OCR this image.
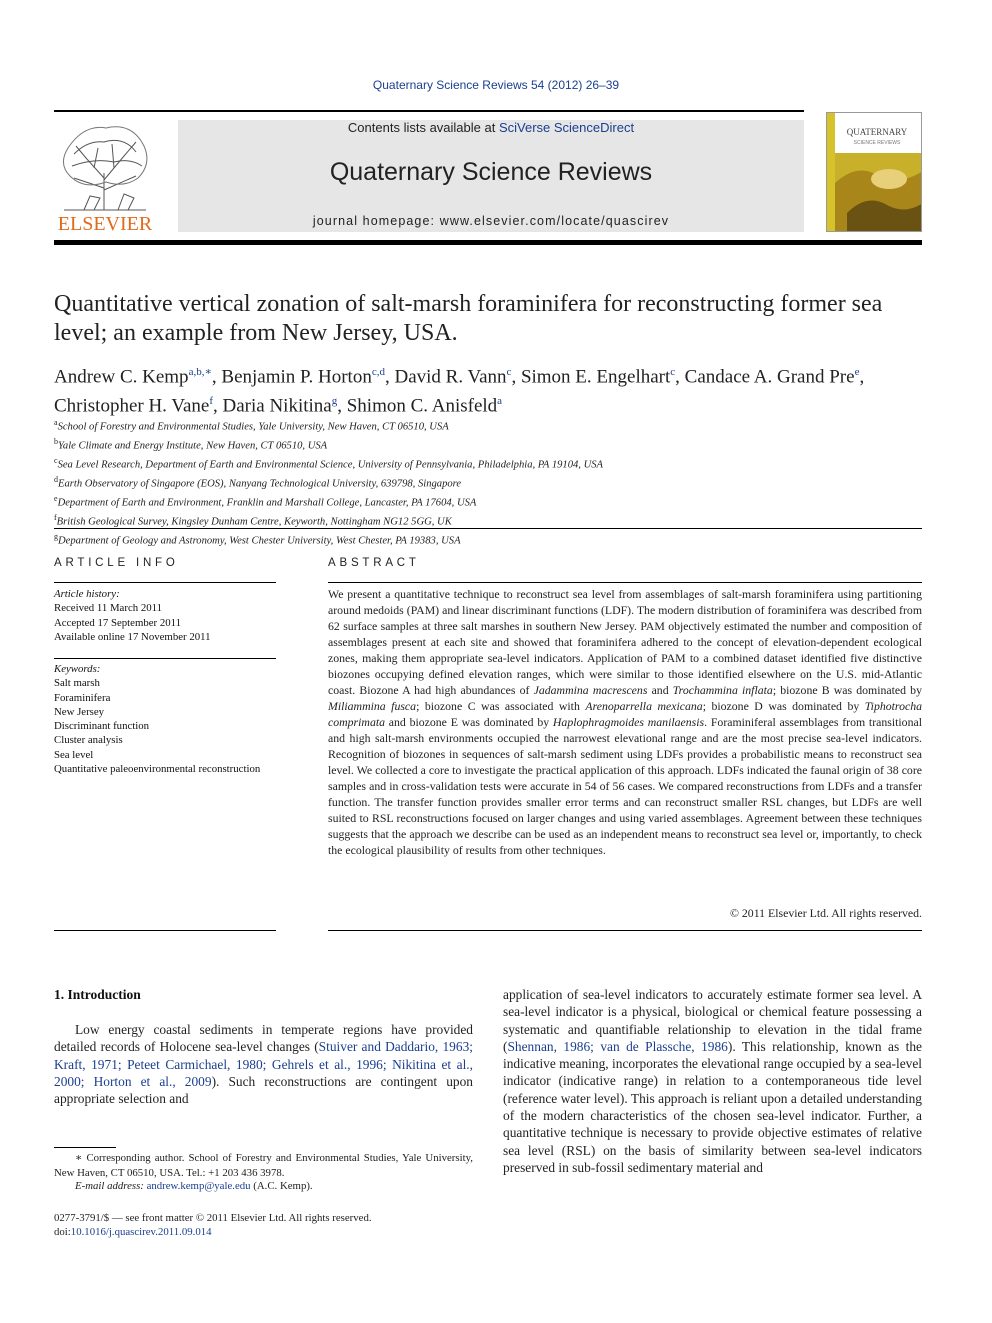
Quaternary Science Reviews 54 (2012) 26–39
ELSEVIER
Contents lists available at SciVerse ScienceDirect
Quaternary Science Reviews
journal homepage: www.elsevier.com/locate/quascirev
QUATERNARY
SCIENCE REVIEWS
Quantitative vertical zonation of salt-marsh foraminifera for reconstructing former sea level; an example from New Jersey, USA.
Andrew C. Kemp$^{a,b,∗}$, Benjamin P. Horton$^{c,d}$, David R. Vann$^c$, Simon E. Engelhart$^c$, Candace A. Grand Pre$^e$, Christopher H. Vane$^f$, Daria Nikitina$^g$, Shimon C. Anisfeld$^a$
$^a$School of Forestry and Environmental Studies, Yale University, New Haven, CT 06510, USA
$^b$Yale Climate and Energy Institute, New Haven, CT 06510, USA
$^c$Sea Level Research, Department of Earth and Environmental Science, University of Pennsylvania, Philadelphia, PA 19104, USA
$^d$Earth Observatory of Singapore (EOS), Nanyang Technological University, 639798, Singapore
$^e$Department of Earth and Environment, Franklin and Marshall College, Lancaster, PA 17604, USA
$^f$British Geological Survey, Kingsley Dunham Centre, Keyworth, Nottingham NG12 5GG, UK
$^g$Department of Geology and Astronomy, West Chester University, West Chester, PA 19383, USA
ARTICLE INFO
Article history:
Received 11 March 2011
Accepted 17 September 2011
Available online 17 November 2011
Keywords:
Salt marsh
Foraminifera
New Jersey
Discriminant function
Cluster analysis
Sea level
Quantitative paleoenvironmental reconstruction
ABSTRACT
We present a quantitative technique to reconstruct sea level from assemblages of salt-marsh foraminifera using partitioning around medoids (PAM) and linear discriminant functions (LDF). The modern distribution of foraminifera was described from 62 surface samples at three salt marshes in southern New Jersey. PAM objectively estimated the number and composition of assemblages present at each site and showed that foraminifera adhered to the concept of elevation-dependent ecological zones, making them appropriate sea-level indicators. Application of PAM to a combined dataset identified five distinctive biozones occupying defined elevation ranges, which were similar to those identified elsewhere on the U.S. mid-Atlantic coast. Biozone A had high abundances of Jadammina macrescens and Trochammina inflata; biozone B was dominated by Miliammina fusca; biozone C was associated with Arenoparrella mexicana; biozone D was dominated by Tiphotrocha comprimata and biozone E was dominated by Haplophragmoides manilaensis. Foraminiferal assemblages from transitional and high salt-marsh environments occupied the narrowest elevational range and are the most precise sea-level indicators. Recognition of biozones in sequences of salt-marsh sediment using LDFs provides a probabilistic means to reconstruct sea level. We collected a core to investigate the practical application of this approach. LDFs indicated the faunal origin of 38 core samples and in cross-validation tests were accurate in 54 of 56 cases. We compared reconstructions from LDFs and a transfer function. The transfer function provides smaller error terms and can reconstruct smaller RSL changes, but LDFs are well suited to RSL reconstructions focused on larger changes and using varied assemblages. Agreement between these techniques suggests that the approach we describe can be used as an independent means to reconstruct sea level or, importantly, to check the ecological plausibility of results from other techniques.
© 2011 Elsevier Ltd. All rights reserved.
1. Introduction
Low energy coastal sediments in temperate regions have provided detailed records of Holocene sea-level changes (Stuiver and Daddario, 1963; Kraft, 1971; Peteet Carmichael, 1980; Gehrels et al., 1996; Nikitina et al., 2000; Horton et al., 2009). Such reconstructions are contingent upon appropriate selection and
application of sea-level indicators to accurately estimate former sea level. A sea-level indicator is a physical, biological or chemical feature possessing a systematic and quantifiable relationship to elevation in the tidal frame (Shennan, 1986; van de Plassche, 1986). This relationship, known as the indicative meaning, incorporates the elevational range occupied by a sea-level indicator (indicative range) in relation to a contemporaneous tide level (reference water level). This approach is reliant upon a detailed understanding of the modern characteristics of the chosen sea-level indicator. Further, a quantitative technique is necessary to provide objective estimates of relative sea level (RSL) on the basis of similarity between sea-level indicators preserved in sub-fossil sedimentary material and
∗ Corresponding author. School of Forestry and Environmental Studies, Yale University, New Haven, CT 06510, USA. Tel.: +1 203 436 3978.
E-mail address: andrew.kemp@yale.edu (A.C. Kemp).
0277-3791/$ — see front matter © 2011 Elsevier Ltd. All rights reserved.
doi:10.1016/j.quascirev.2011.09.014
